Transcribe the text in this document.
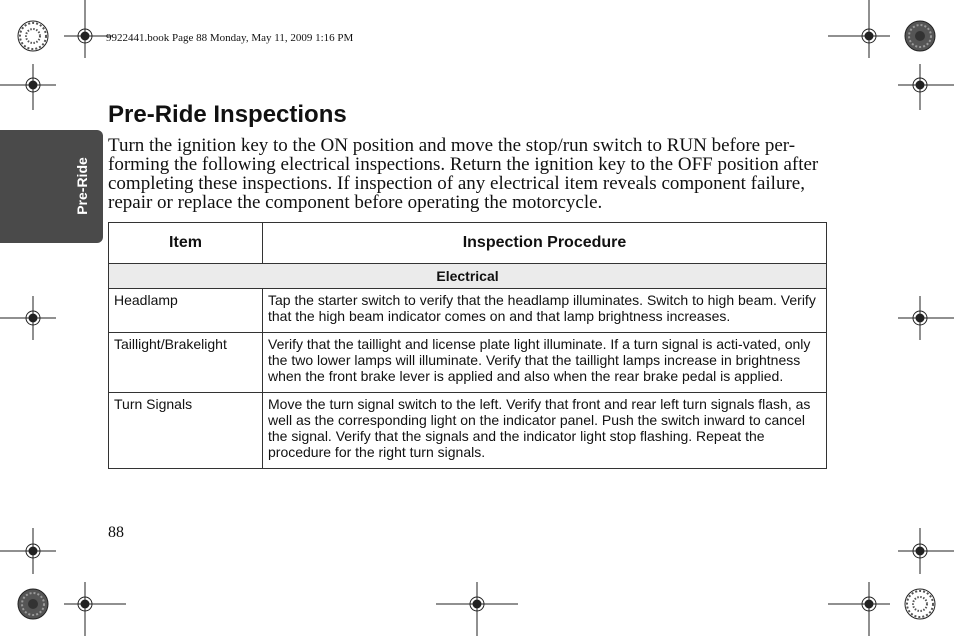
9922441.book Page 88 Monday, May 11, 2009 1:16 PM
Pre-Ride
Pre-Ride Inspections

Turn the ignition key to the ON position and move the stop/run switch to RUN before per-forming the following electrical inspections. Return the ignition key to the OFF position after completing these inspections. If inspection of any electrical item reveals component failure, repair or replace the component before operating the motorcycle.

Item	Inspection Procedure
Electrical	
Headlamp	Tap the starter switch to verify that the headlamp illuminates. Switch to high beam. Verify that the high beam indicator comes on and that lamp brightness increases.
Taillight/Brakelight	Verify that the taillight and license plate light illuminate. If a turn signal is acti-vated, only the two lower lamps will illuminate. Verify that the taillight lamps increase in brightness when the front brake lever is applied and also when the rear brake pedal is applied.
Turn Signals	Move the turn signal switch to the left. Verify that front and rear left turn signals flash, as well as the corresponding light on the indicator panel. Push the switch inward to cancel the signal. Verify that the signals and the indicator light stop flashing. Repeat the procedure for the right turn signals.
88
